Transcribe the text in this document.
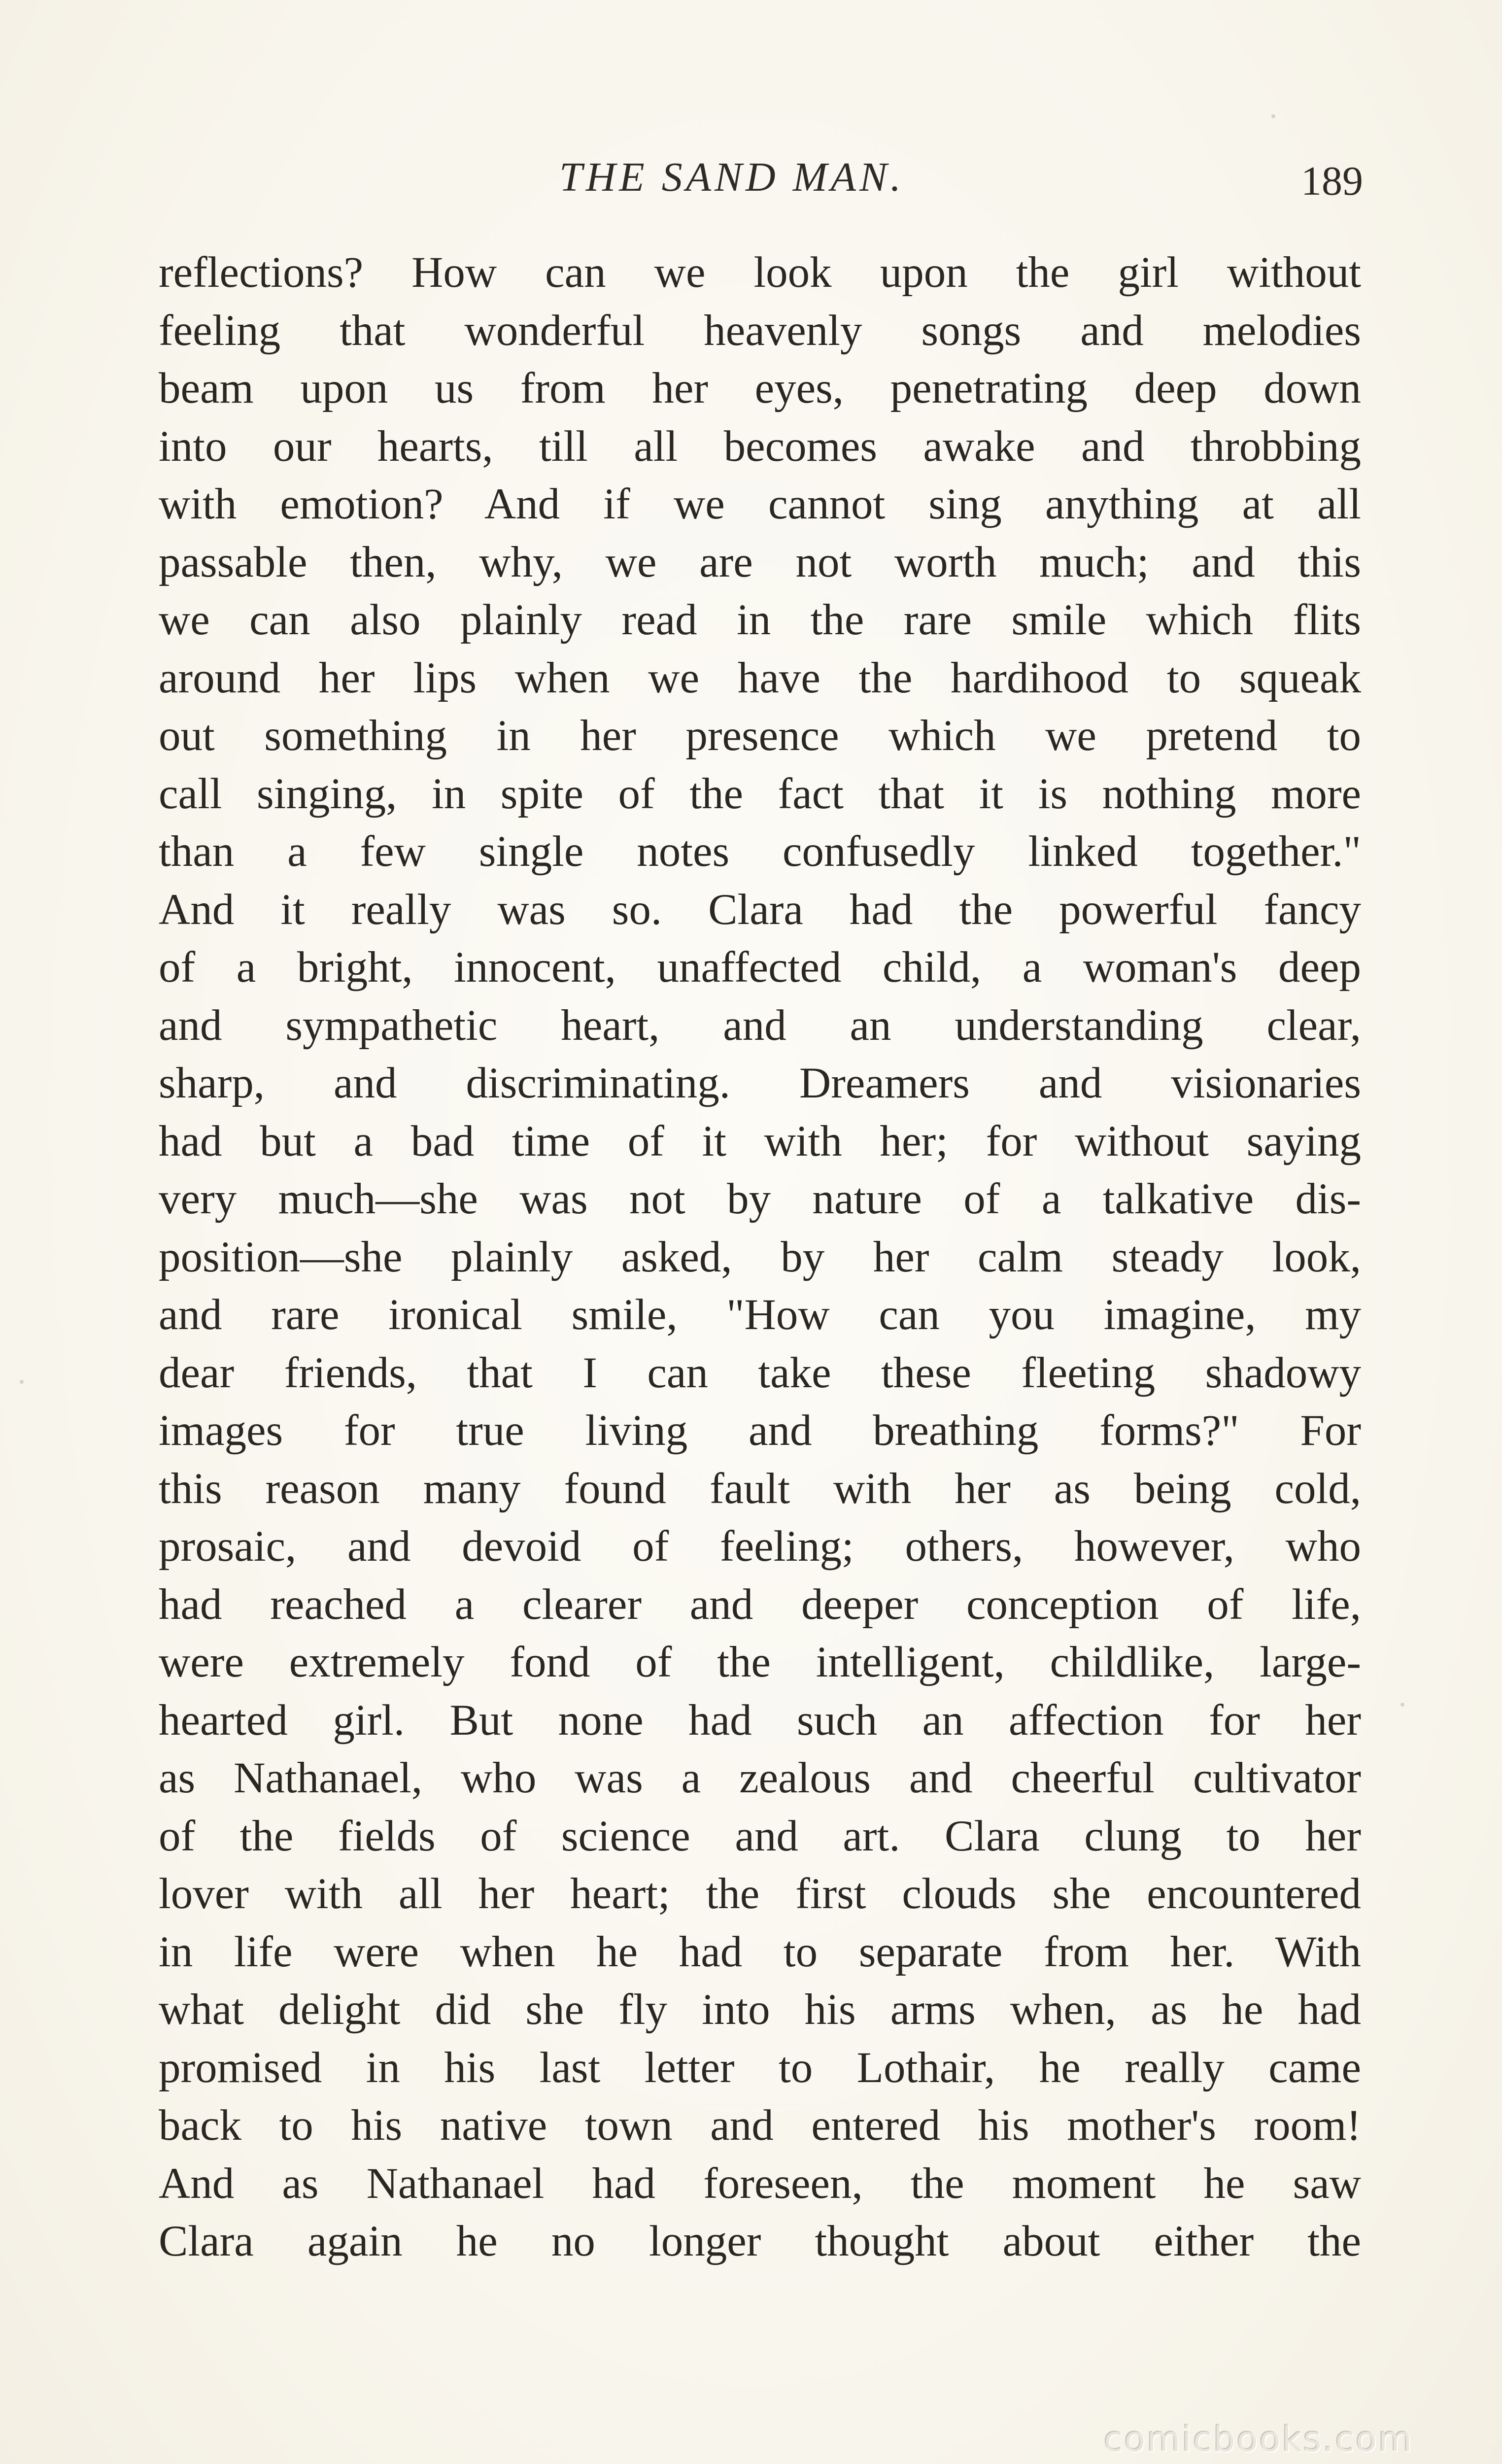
THE SAND MAN.	189
reflections? How can we look upon the girl without
feeling that wonderful heavenly songs and melodies
beam upon us from her eyes, penetrating deep down
into our hearts, till all becomes awake and throbbing
with emotion? And if we cannot sing anything at all
passable then, why, we are not worth much; and this
we can also plainly read in the rare smile which flits
around her lips when we have the hardihood to squeak
out something in her presence which we pretend to
call singing, in spite of the fact that it is nothing more
than a few single notes confusedly linked together."
And it really was so. Clara had the powerful fancy
of a bright, innocent, unaffected child, a woman's deep
and sympathetic heart, and an understanding clear,
sharp, and discriminating. Dreamers and visionaries
had but a bad time of it with her; for without saying
very much—she was not by nature of a talkative dis-
position—she plainly asked, by her calm steady look,
and rare ironical smile, "How can you imagine, my
dear friends, that I can take these fleeting shadowy
images for true living and breathing forms?" For
this reason many found fault with her as being cold,
prosaic, and devoid of feeling; others, however, who
had reached a clearer and deeper conception of life,
were extremely fond of the intelligent, childlike, large-
hearted girl. But none had such an affection for her
as Nathanael, who was a zealous and cheerful cultivator
of the fields of science and art. Clara clung to her
lover with all her heart; the first clouds she encountered
in life were when he had to separate from her. With
what delight did she fly into his arms when, as he had
promised in his last letter to Lothair, he really came
back to his native town and entered his mother's room!
And as Nathanael had foreseen, the moment he saw
Clara again he no longer thought about either the
comicbooks.com
